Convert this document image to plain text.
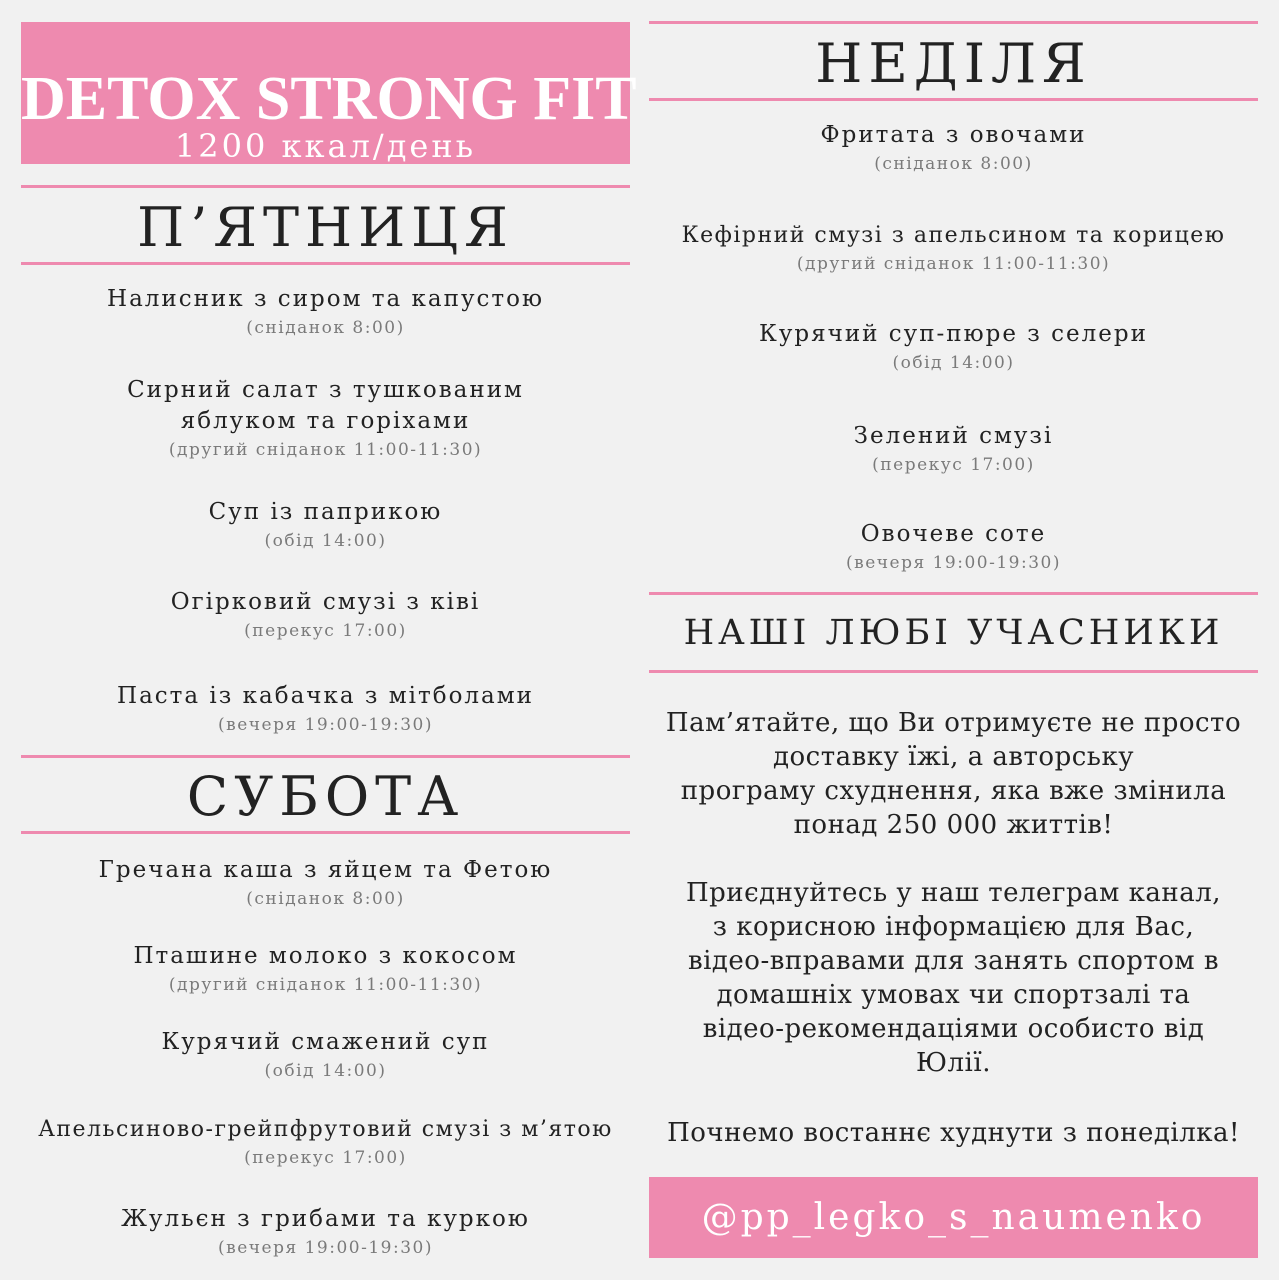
DETOX STRONG FIT
1200 ккал/день
П’ЯТНИЦЯ
Налисник з сиром та капустою
(сніданок 8:00)
Сирний салат з тушкованим
яблуком та горіхами
(другий сніданок 11:00-11:30)
Суп із паприкою
(обід 14:00)
Огірковий смузі з ківі
(перекус 17:00)
Паста із кабачка з мітболами
(вечеря 19:00-19:30)
СУБОТА
Гречана каша з яйцем та Фетою
(сніданок 8:00)
Пташине молоко з кокосом
(другий сніданок 11:00-11:30)
Курячий смажений суп
(обід 14:00)
Апельсиново-грейпфрутовий смузі з м’ятою
(перекус 17:00)
Жульєн з грибами та куркою
(вечеря 19:00-19:30)
НЕДІЛЯ
Фритата з овочами
(сніданок 8:00)
Кефірний смузі з апельсином та корицею
(другий сніданок 11:00-11:30)
Курячий суп-пюре з селери
(обід 14:00)
Зелений смузі
(перекус 17:00)
Овочеве соте
(вечеря 19:00-19:30)
НАШІ ЛЮБІ УЧАСНИКИ
Пам’ятайте, що Ви отримуєте не просто
доставку їжі, а авторську
програму схуднення, яка вже змінила
понад 250 000 життів!
Приєднуйтесь у наш телеграм канал,
з корисною інформацією для Вас,
відео-вправами для занять спортом в
домашніх умовах чи спортзалі та
відео-рекомендаціями особисто від
Юлії.
Почнемо востаннє худнути з понеділка!
@pp_legko_s_naumenko
